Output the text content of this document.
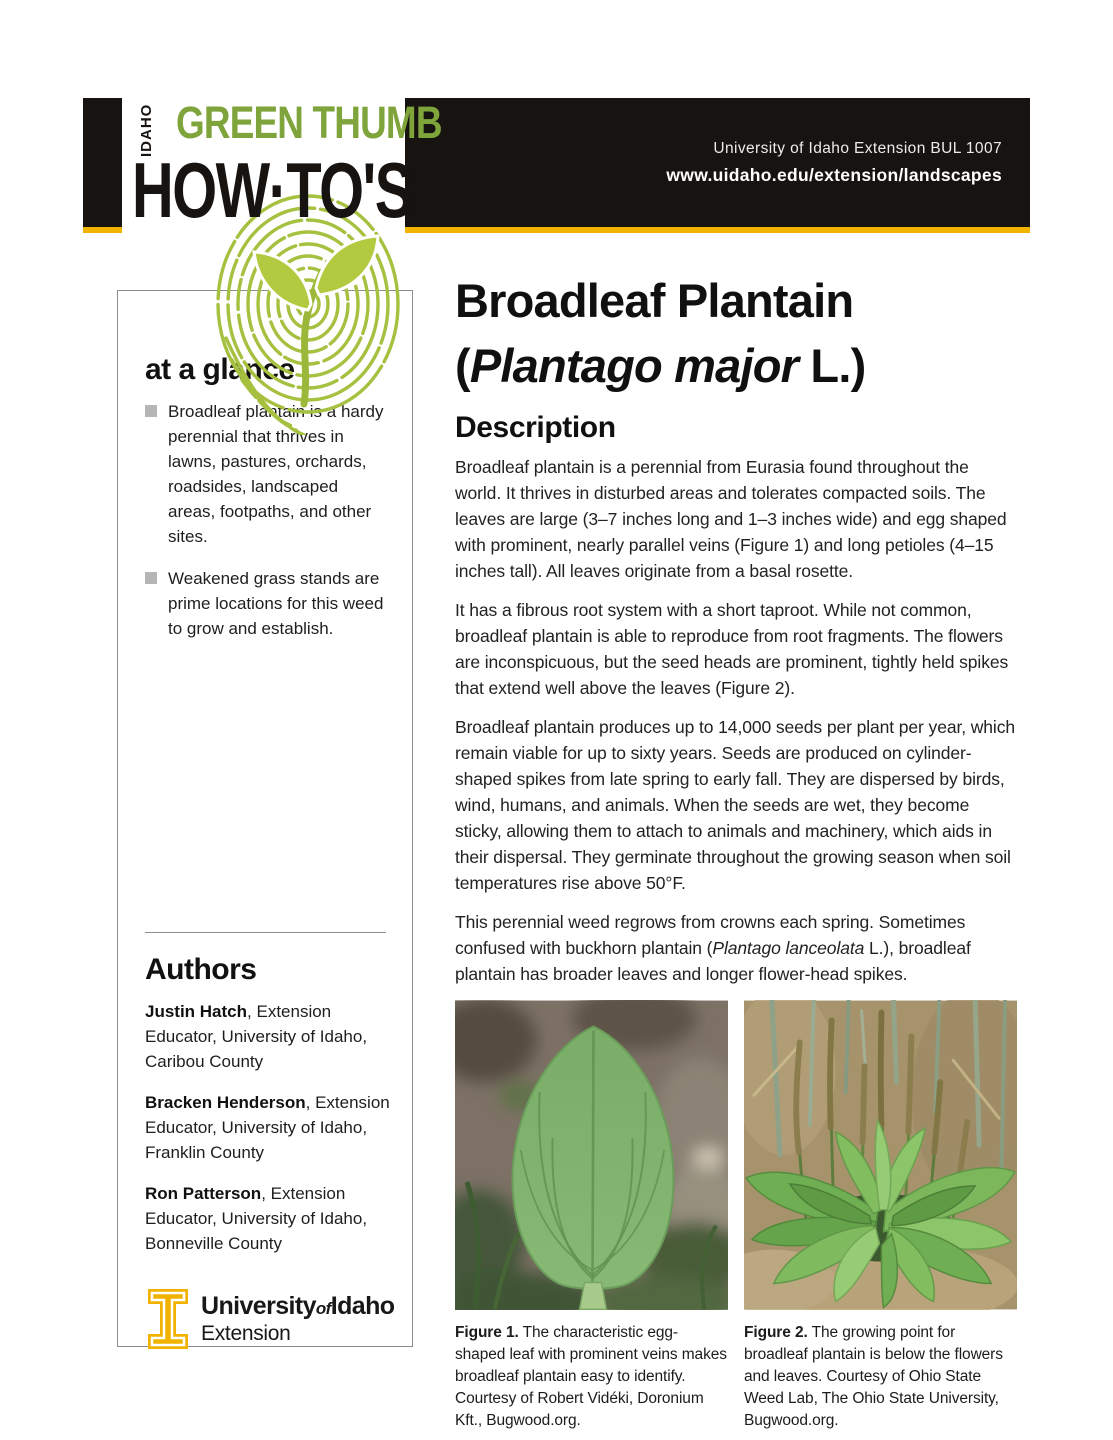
University of Idaho Extension BUL 1007
www.uidaho.edu/extension/landscapes
IDAHO GREEN THUMB
HOW·TO'S
at a glance
Broadleaf plantain is a hardy perennial that thrives in lawns, pastures, orchards, roadsides, landscaped areas, footpaths, and other sites.
Weakened grass stands are prime locations for this weed to grow and establish.
Authors
Justin Hatch, Extension Educator, University of Idaho, Caribou County
Bracken Henderson, Extension Educator, University of Idaho, Franklin County
Ron Patterson, Extension Educator, University of Idaho, Bonneville County
UniversityofIdaho
Extension
Broadleaf Plantain
(Plantago major L.)
Description

Broadleaf plantain is a perennial from Eurasia found throughout the world. It thrives in disturbed areas and tolerates compacted soils. The leaves are large (3–7 inches long and 1–3 inches wide) and egg shaped with prominent, nearly parallel veins (Figure 1) and long petioles (4–15 inches tall). All leaves originate from a basal rosette.

It has a fibrous root system with a short taproot. While not common, broadleaf plantain is able to reproduce from root fragments. The flowers are inconspicuous, but the seed heads are prominent, tightly held spikes that extend well above the leaves (Figure 2).

Broadleaf plantain produces up to 14,000 seeds per plant per year, which remain viable for up to sixty years. Seeds are produced on cylinder-shaped spikes from late spring to early fall. They are dispersed by birds, wind, humans, and animals. When the seeds are wet, they become sticky, allowing them to attach to animals and machinery, which aids in their dispersal. They germinate throughout the growing season when soil temperatures rise above 50°F.

This perennial weed regrows from crowns each spring. Sometimes confused with buckhorn plantain (Plantago lanceolata L.), broadleaf plantain has broader leaves and longer flower-head spikes.

Figure 1. The characteristic egg-shaped leaf with prominent veins makes broadleaf plantain easy to identify. Courtesy of Robert Vidéki, Doronium Kft., Bugwood.org.
Figure 2. The growing point for broadleaf plantain is below the flowers and leaves. Courtesy of Ohio State Weed Lab, The Ohio State University, Bugwood.org.
